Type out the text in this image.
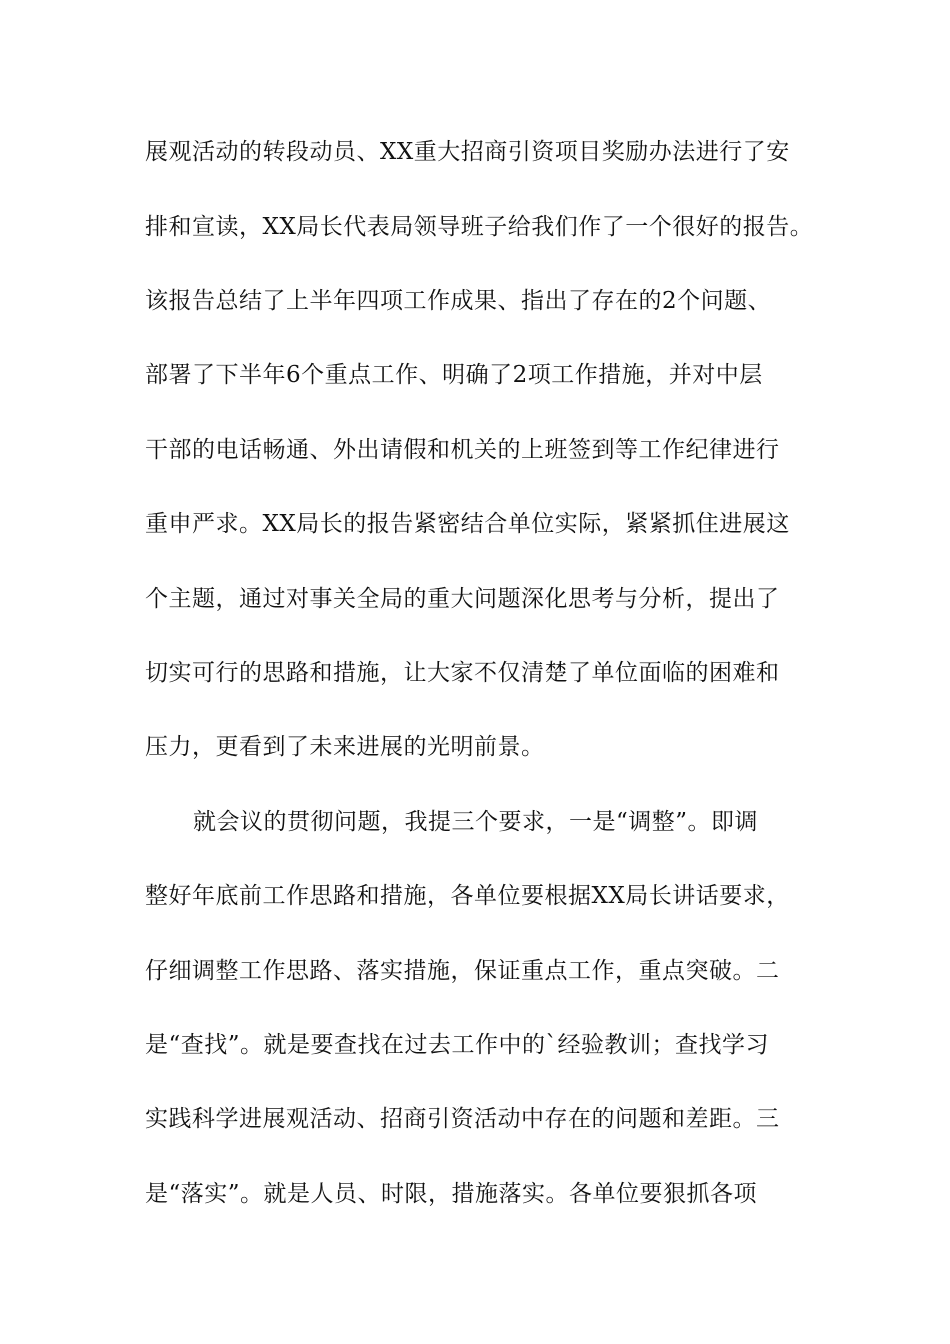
展观活动的转段动员、XX重大招商引资项目奖励办法进行了安
排和宣读，XX局长代表局领导班子给我们作了一个很好的报告。
该报告总结了上半年四项工作成果、指出了存在的2个问题、
部署了下半年6个重点工作、明确了2项工作措施，并对中层
干部的电话畅通、外出请假和机关的上班签到等工作纪律进行
重申严求。XX局长的报告紧密结合单位实际，紧紧抓住进展这
个主题，通过对事关全局的重大问题深化思考与分析，提出了
切实可行的思路和措施，让大家不仅清楚了单位面临的困难和
压力，更看到了未来进展的光明前景。
就会议的贯彻问题，我提三个要求，一是“调整”。即调
整好年底前工作思路和措施，各单位要根据XX局长讲话要求，
仔细调整工作思路、落实措施，保证重点工作，重点突破。二
是“查找”。就是要查找在过去工作中的`经验教训；查找学习
实践科学进展观活动、招商引资活动中存在的问题和差距。三
是“落实”。就是人员、时限，措施落实。各单位要狠抓各项
